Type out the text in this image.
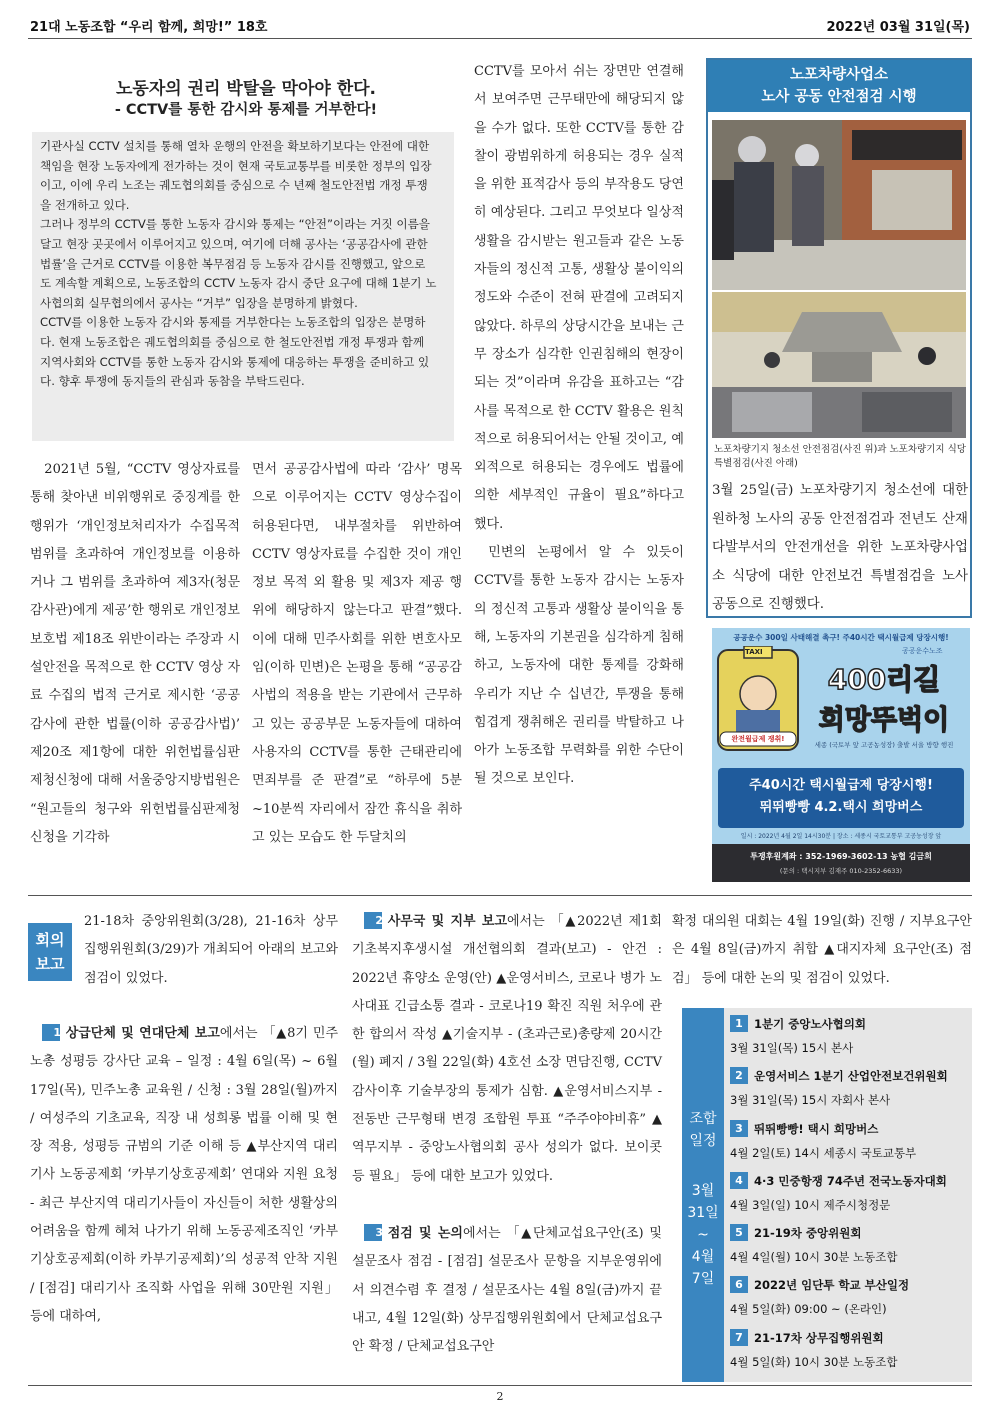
21대 노동조합 “우리 함께, 희망!” 18호	2022년 03월 31일(목)
노동자의 권리 박탈을 막아야 한다.
- CCTV를 통한 감시와 통제를 거부한다!
기관사실 CCTV 설치를 통해 열차 운행의 안전을 확보하기보다는 안전에 대한
책임을 현장 노동자에게 전가하는 것이 현재 국토교통부를 비롯한 정부의 입장
이고, 이에 우리 노조는 궤도협의회를 중심으로 수 년째 철도안전법 개정 투쟁
을 전개하고 있다.
그러나 정부의 CCTV를 통한 노동자 감시와 통제는 “안전”이라는 거짓 이름을
달고 현장 곳곳에서 이루어지고 있으며, 여기에 더해 공사는 ‘공공감사에 관한
법률’을 근거로 CCTV를 이용한 복무점검 등 노동자 감시를 진행했고, 앞으로
도 계속할 계획으로, 노동조합의 CCTV 노동자 감시 중단 요구에 대해 1분기 노
사협의회 실무협의에서 공사는 “거부” 입장을 분명하게 밝혔다.
CCTV를 이용한 노동자 감시와 통제를 거부한다는 노동조합의 입장은 분명하
다. 현재 노동조합은 궤도협의회를 중심으로 한 철도안전법 개정 투쟁과 함께
지역사회와 CCTV를 통한 노동자 감시와 통제에 대응하는 투쟁을 준비하고 있
다. 향후 투쟁에 동지들의 관심과 동참을 부탁드린다.

2021년 5월, “CCTV 영상자료를 통해 찾아낸 비위행위로 중징계를 한 행위가 ‘개인정보처리자가 수집목적 범위를 초과하여 개인정보를 이용하거나 그 범위를 초과하여 제3자(청문감사관)에게 제공’한 행위로 개인정보보호법 제18조 위반이라는 주장과 시설안전을 목적으로 한 CCTV 영상 자료 수집의 법적 근거로 제시한 ‘공공감사에 관한 법률(이하 공공감사법)’ 제20조 제1항에 대한 위헌법률심판제청신청에 대해 서울중앙지방법원은 “원고들의 청구와 위헌법률심판제청신청을 기각하

면서 공공감사법에 따라 ‘감사’ 명목으로 이루어지는 CCTV 영상수집이 허용된다면, 내부절차를 위반하여 CCTV 영상자료를 수집한 것이 개인정보 목적 외 활용 및 제3자 제공 행위에 해당하지 않는다고 판결”했다. 이에 대해 민주사회를 위한 변호사모임(이하 민변)은 논평을 통해 “공공감사법의 적용을 받는 기관에서 근무하고 있는 공공부문 노동자들에 대하여 사용자의 CCTV를 통한 근태관리에 면죄부를 준 판결”로 “하루에 5분~10분씩 자리에서 잠깐 휴식을 취하고 있는 모습도 한 두달치의

CCTV를 모아서 쉬는 장면만 연결해서 보여주면 근무태만에 해당되지 않을 수가 없다. 또한 CCTV를 통한 감찰이 광범위하게 허용되는 경우 실적을 위한 표적감사 등의 부작용도 당연히 예상된다. 그리고 무엇보다 일상적 생활을 감시받는 원고들과 같은 노동자들의 정신적 고통, 생활상 불이익의 정도와 수준이 전혀 판결에 고려되지 않았다. 하루의 상당시간을 보내는 근무 장소가 심각한 인권침해의 현장이 되는 것”이라며 유감을 표하고는 “감사를 목적으로 한 CCTV 활용은 원칙적으로 허용되어서는 안될 것이고, 예외적으로 허용되는 경우에도 법률에 의한 세부적인 규율이 필요”하다고 했다.

민변의 논평에서 알 수 있듯이 CCTV를 통한 노동자 감시는 노동자의 정신적 고통과 생활상 불이익을 통해, 노동자의 기본권을 심각하게 침해하고, 노동자에 대한 통제를 강화해 우리가 지난 수 십년간, 투쟁을 통해 힘겹게 쟁취해온 권리를 박탈하고 나아가 노동조합 무력화를 위한 수단이 될 것으로 보인다.

노포차량사업소
노사 공동 안전점검 시행
노포차량기지 청소선 안전점검(사진 위)과 노포차량기지 식당 특별점검(사진 아래)
3월 25일(금) 노포차량기지 청소선에 대한 원하청 노사의 공동 안전점검과 전년도 산재 다발부서의 안전개선을 위한 노포차량사업소 식당에 대한 안전보건 특별점검을 노사 공동으로 진행했다.
공공운수 300일 사태해결 촉구! 주40시간 택시월급제 당장시행!
TAXI
완전월급제 쟁취!
공공운수노조
400리길
희망뚜벅이
세종 (국토부 앞 고공농성장) 출발 서울 방향 행진
주40시간 택시월급제 당장시행!
뛰뛰빵빵 4.2.택시 희망버스
일시 : 2022년 4월 2일 14시30분 | 장소 : 세종시 국토교통부 고공농성장 앞
투쟁후원계좌 : 352-1969-3602-13 농협 김금희
(문의 : 택시지부 김재주 010-2352-6633)
회의
보고
21-18차 중앙위원회(3/28), 21-16차 상무집행위원회(3/29)가 개최되어 아래의 보고와 점검이 있었다.

1 상급단체 및 연대단체 보고에서는 「▲8기 민주노총 성평등 강사단 교육 – 일정 : 4월 6일(목) ~ 6월 17일(목), 민주노총 교육원 / 신청 : 3월 28일(월)까지 / 여성주의 기초교육, 직장 내 성희롱 법률 이해 및 현장 적용, 성평등 규범의 기준 이해 등 ▲부산지역 대리기사 노동공제회 ‘카부기상호공제회’ 연대와 지원 요청 - 최근 부산지역 대리기사들이 자신들이 처한 생활상의 어려움을 함께 헤쳐 나가기 위해 노동공제조직인 ‘카부기상호공제회(이하 카부기공제회)’의 성공적 안착 지원 / [점검] 대리기사 조직화 사업을 위해 30만원 지원」 등에 대하여,

2 사무국 및 지부 보고에서는 「▲2022년 제1회 기초복지후생시설 개선협의회 결과(보고) - 안건 : 2022년 휴양소 운영(안) ▲운영서비스, 코로나 병가 노사대표 긴급소통 결과 - 코로나19 확진 직원 처우에 관한 합의서 작성 ▲기술지부 - (초과근로)총량제 20시간(월) 폐지 / 3월 22일(화) 4호선 소장 면담진행, CCTV감사이후 기술부장의 통제가 심함. ▲운영서비스지부 - 전동반 근무형태 변경 조합원 투표 “주주야야비휴” ▲역무지부 - 중앙노사협의회 공사 성의가 없다. 보이콧 등 필요」 등에 대한 보고가 있었다.

3 점검 및 논의에서는 「▲단체교섭요구안(조) 및 설문조사 점검 - [점검] 설문조사 문항을 지부운영위에서 의견수렴 후 결정 / 설문조사는 4월 8일(금)까지 끝내고, 4월 12일(화) 상무집행위원회에서 단체교섭요구안 확정 / 단체교섭요구안

확정 대의원 대회는 4월 19일(화) 진행 / 지부요구안은 4월 8일(금)까지 취합 ▲대지자체 요구안(조) 점검」 등에 대한 논의 및 점검이 있었다.
조합
일정
3월
31일
~
4월
7일
1 1분기 중앙노사협의회
3월 31일(목) 15시 본사
2 운영서비스 1분기 산업안전보건위원회
3월 31일(목) 15시 자회사 본사
3 뛰뛰빵빵! 택시 희망버스
4월 2일(토) 14시 세종시 국토교통부
4 4·3 민중항쟁 74주년 전국노동자대회
4월 3일(일) 10시 제주시청정문
5 21-19차 중앙위원회
4월 4일(월) 10시 30분 노동조합
6 2022년 임단투 학교 부산일정
4월 5일(화) 09:00 ~ (온라인)
7 21-17차 상무집행위원회
4월 5일(화) 10시 30분 노동조합
2
